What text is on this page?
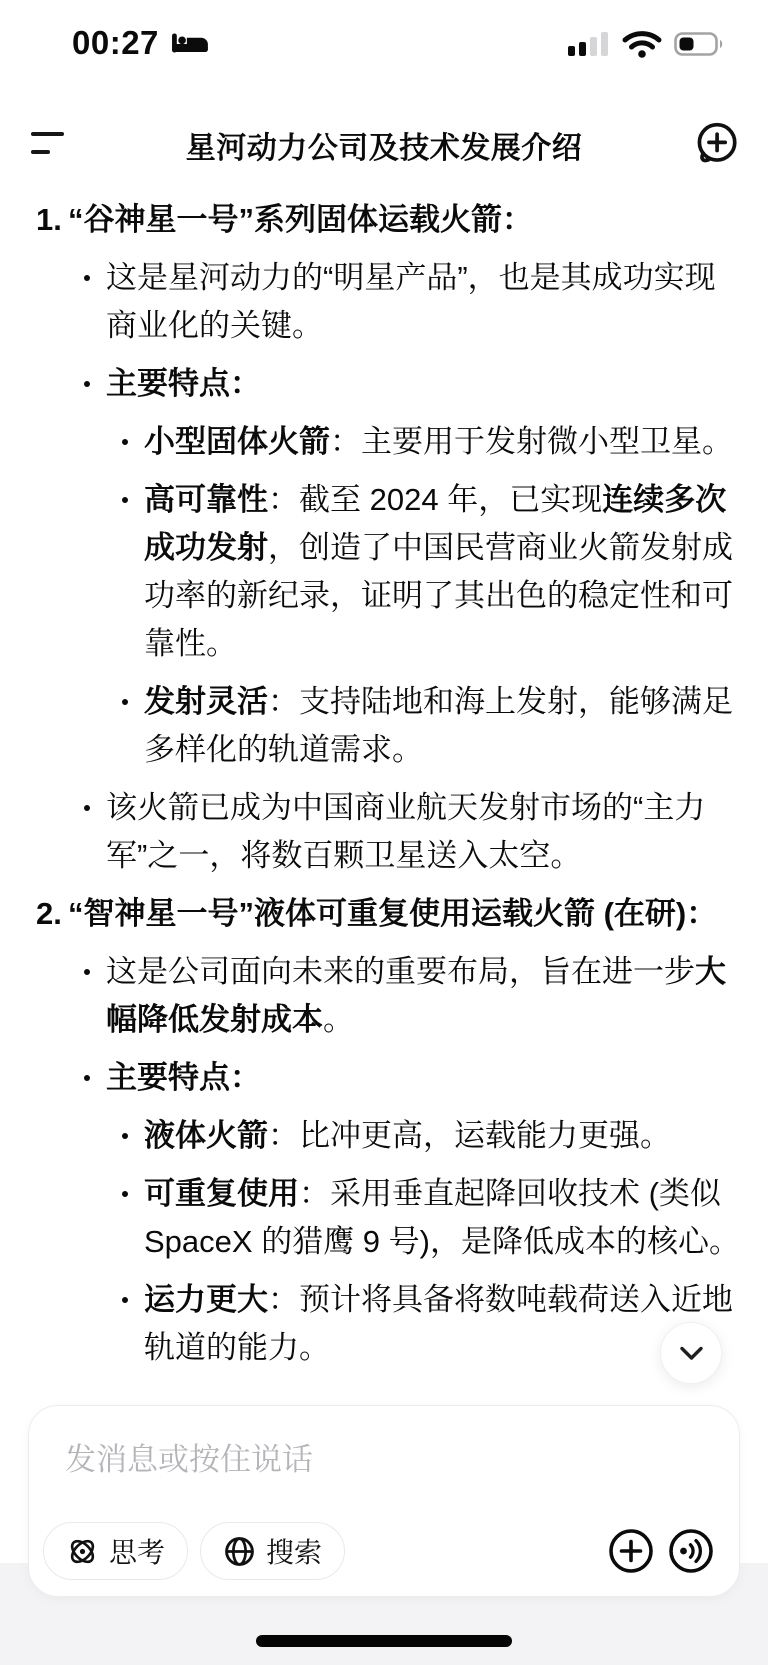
00:27
星河动力公司及技术发展介绍
1. “谷神星一号”系列固体运载火箭：
这是星河动力的“明星产品”，也是其成功实现商业化的关键。
主要特点：
小型固体火箭：主要用于发射微小型卫星。
高可靠性：截至 2024 年，已实现连续多次成功发射，创造了中国民营商业火箭发射成功率的新纪录，证明了其出色的稳定性和可靠性。
发射灵活：支持陆地和海上发射，能够满足多样化的轨道需求。
该火箭已成为中国商业航天发射市场的“主力军”之一，将数百颗卫星送入太空。
2. “智神星一号”液体可重复使用运载火箭 (在研)：
这是公司面向未来的重要布局，旨在进一步大幅降低发射成本。
主要特点：
液体火箭：比冲更高，运载能力更强。
可重复使用：采用垂直起降回收技术 (类似 SpaceX 的猎鹰 9 号)，是降低成本的核心。
运力更大：预计将具备将数吨载荷送入近地轨道的能力。
发消息或按住说话
思考	搜索
